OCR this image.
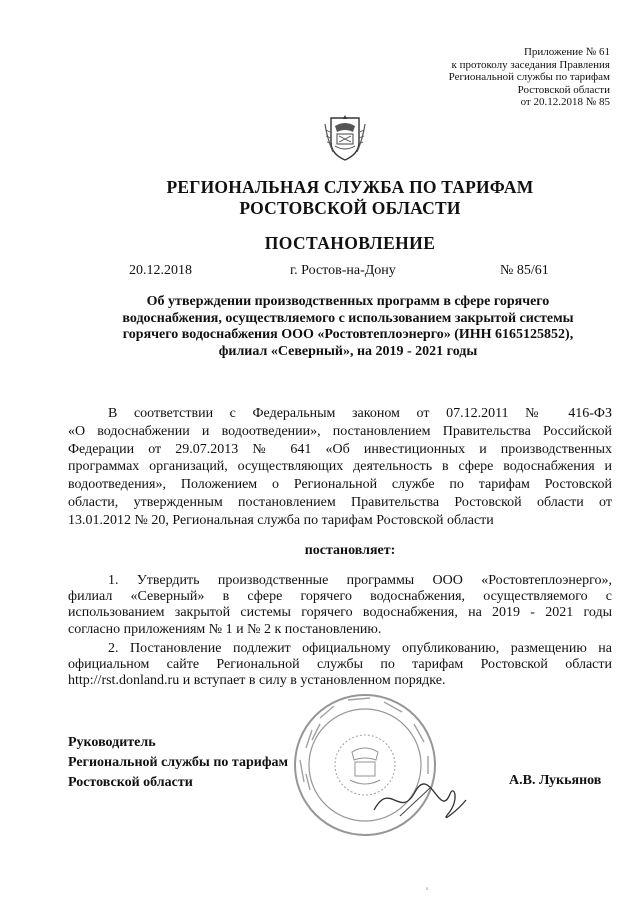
Приложение № 61
к протоколу заседания Правления
Региональной службы по тарифам
Ростовской области
от 20.12.2018 № 85
РЕГИОНАЛЬНАЯ СЛУЖБА ПО ТАРИФАМ
РОСТОВСКОЙ ОБЛАСТИ
ПОСТАНОВЛЕНИЕ
20.12.2018	г. Ростов-на-Дону	№ 85/61
Об утверждении производственных программ в сфере горячего
водоснабжения, осуществляемого с использованием закрытой системы
горячего водоснабжения ООО «Ростовтеплоэнерго» (ИНН 6165125852),
филиал «Северный», на 2019 - 2021 годы
В соответствии с Федеральным законом от 07.12.2011 № 416-ФЗ
«О водоснабжении и водоотведении», постановлением Правительства Российской
Федерации от 29.07.2013 № 641 «Об инвестиционных и производственных
программах организаций, осуществляющих деятельность в сфере водоснабжения и
водоотведения», Положением о Региональной службе по тарифам Ростовской
области, утвержденным постановлением Правительства Ростовской области от
13.01.2012 № 20, Региональная служба по тарифам Ростовской области
постановляет:
1. Утвердить производственные программы ООО «Ростовтеплоэнерго»,
филиал «Северный» в сфере горячего водоснабжения, осуществляемого с
использованием закрытой системы горячего водоснабжения, на 2019 - 2021 годы
согласно приложениям № 1 и № 2 к постановлению.
2. Постановление подлежит официальному опубликованию, размещению на
официальном сайте Региональной службы по тарифам Ростовской области
http://rst.donland.ru и вступает в силу в установленном порядке.
Руководитель
Региональной службы по тарифам
Ростовской области	А.В. Лукьянов
ⁿ
